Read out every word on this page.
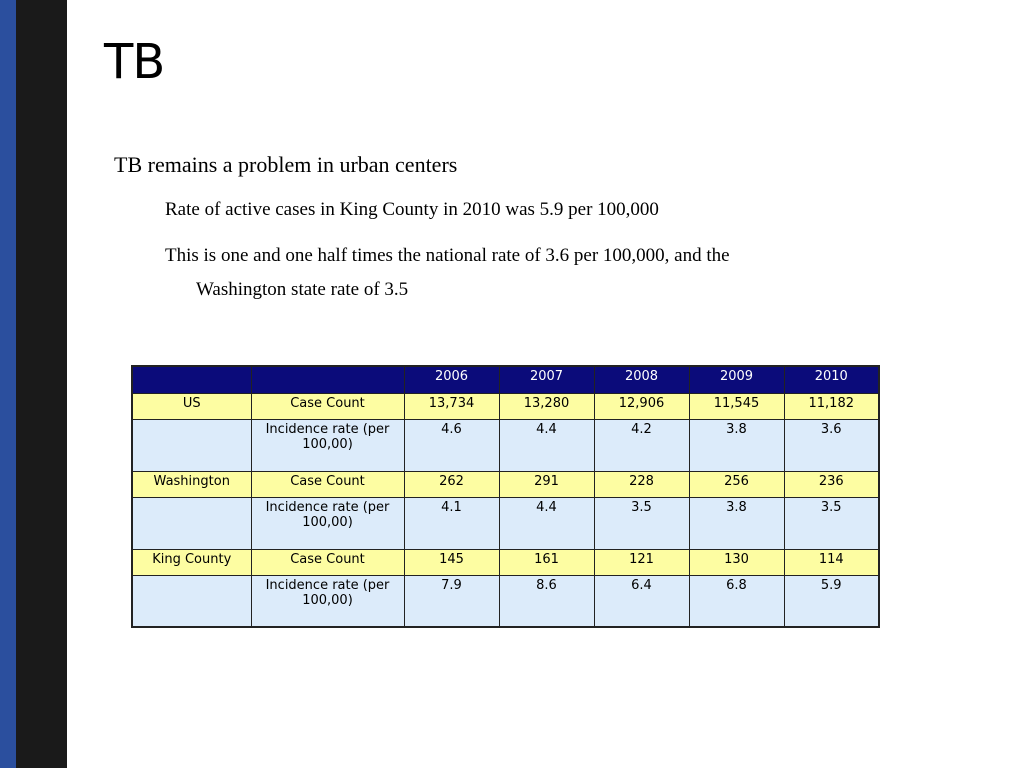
TB
TB remains a problem in urban centers
Rate of active cases in King County in 2010 was 5.9 per 100,000
This is one and one half times the national rate of 3.6 per 100,000, and the
Washington state rate of 3.5
		2006	2007	2008	2009	2010
US	Case Count	13,734	13,280	12,906	11,545	11,182
	Incidence rate (per 100,00)	4.6	4.4	4.2	3.8	3.6
Washington	Case Count	262	291	228	256	236
	Incidence rate (per 100,00)	4.1	4.4	3.5	3.8	3.5
King County	Case Count	145	161	121	130	114
	Incidence rate (per 100,00)	7.9	8.6	6.4	6.8	5.9
